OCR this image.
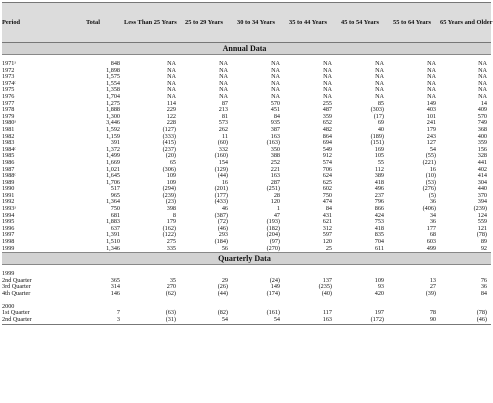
Period	Total	Less Than 25 Years	25 to 29 Years	30 to 34 Years	35 to 44 Years	45 to 54 Years	55 to 64 Years	65 Years and Older
Annual Data								

1971ᵃ	848	NA	NA	NA	NA	NA	NA	NA
1972	1,898	NA	NA	NA	NA	NA	NA	NA
1973	1,575	NA	NA	NA	NA	NA	NA	NA
1974ᶜ	1,554	NA	NA	NA	NA	NA	NA	NA
1975	1,358	NA	NA	NA	NA	NA	NA	NA
1976	1,704	NA	NA	NA	NA	NA	NA	NA
1977	1,275	114	87	570	255	85	149	14
1978	1,888	229	213	451	487	(303)	403	409
1979	1,300	122	81	84	359	(17)	101	570
1980ᵃ	3,446	228	573	935	652	69	241	749
1981	1,592	(127)	262	387	482	40	179	368
1982	1,159	(333)	11	163	864	(189)	243	400
1983	391	(415)	(60)	(163)	694	(151)	127	359
1984ᶜ	1,372	(237)	332	350	549	169	54	156
1985	1,499	(20)	(160)	388	912	105	(55)	328
1986	1,669	65	154	252	574	55	(221)	441
1987	1,021	(306)	(129)	221	706	112	16	402
1988ᶜ	1,645	109	(44)	163	624	389	(10)	414
1989	1,706	109	16	287	625	418	(53)	304
1990	517	(294)	(201)	(251)	602	496	(276)	440
1991	965	(239)	(177)	28	750	237	(5)	370
1992	1,364	(23)	(433)	120	474	796	36	394
1993ᵃ	750	398	46	1	84	866	(406)	(239)
1994	681	8	(387)	47	431	424	34	124
1995	1,883	179	(72)	(193)	621	753	36	559
1996	637	(162)	(46)	(182)	312	418	177	121
1997	1,391	(122)	293	(204)	597	835	68	(78)
1998	1,510	275	(184)	(97)	120	704	603	89
1999	1,346	335	56	(270)	25	611	499	92
Quarterly Data								

1999								
2nd Quarter	365	35	29	(24)	137	109	13	76
3rd Quarter	314	270	(26)	149	(235)	93	27	36
4th Quarter	146	(62)	(44)	(174)	(40)	420	(39)	84

2000								
1st Quarter	7	(63)	(82)	(161)	117	197	78	(78)
2nd Quarter	3	(31)	54	54	163	(172)	90	(46)
